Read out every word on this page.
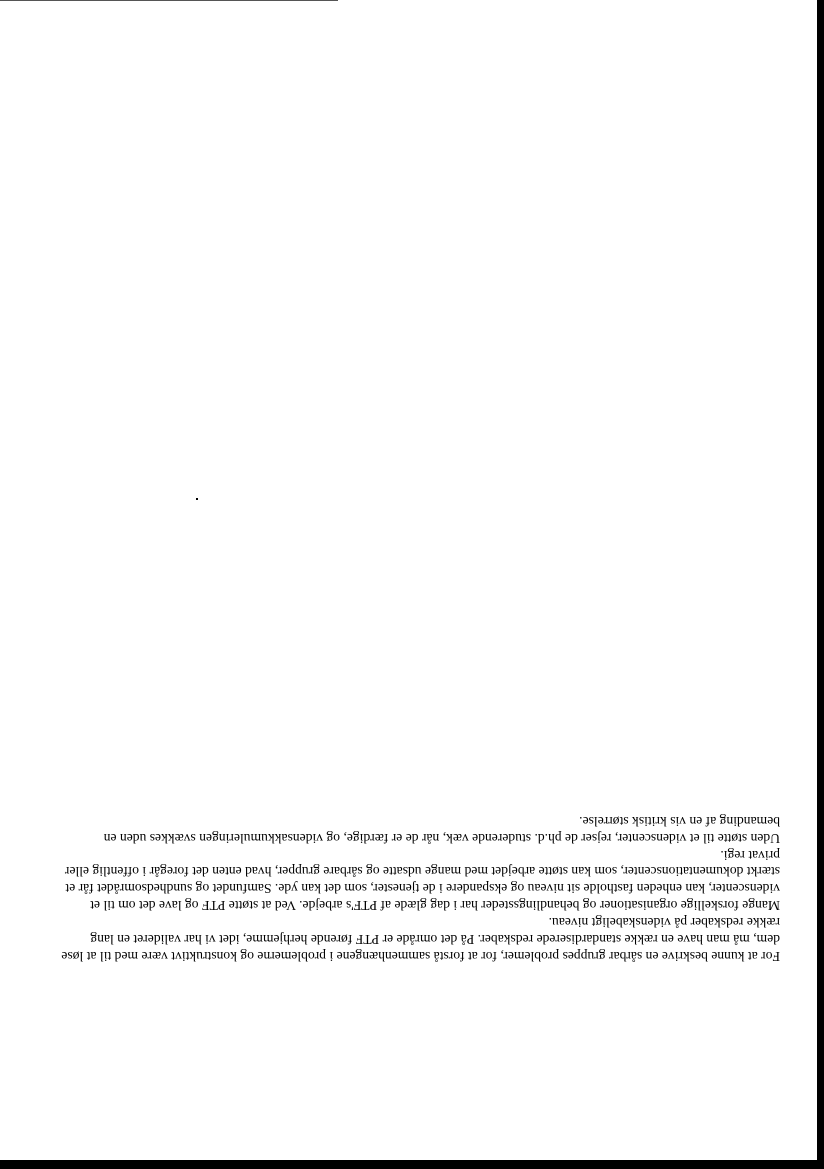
For at kunne beskrive en sårbar gruppes problemer, for at forstå sammenhængene i problemerne og konstruktivt være med til at løse dem, må man have en række standardiserede redskaber. På det område er PTF førende herhjemme, idet vi har valideret en lang række redskaber på videnskabeligt niveau.

Mange forskellige organisationer og behandlingssteder har i dag glæde af PTF's arbejde. Ved at støtte PTF og lave det om til et videnscenter, kan enheden fastholde sit niveau og ekspandere i de tjenester, som det kan yde. Samfundet og sundhedsområdet får et stærkt dokumentationscenter, som kan støtte arbejdet med mange udsatte og sårbare grupper, hvad enten det foregår i offentlig eller privat regi.

Uden støtte til et videnscenter, rejser de ph.d. studerende væk, når de er færdige, og vidensakkumuleringen svækkes uden en bemanding af en vis kritisk størrelse.
